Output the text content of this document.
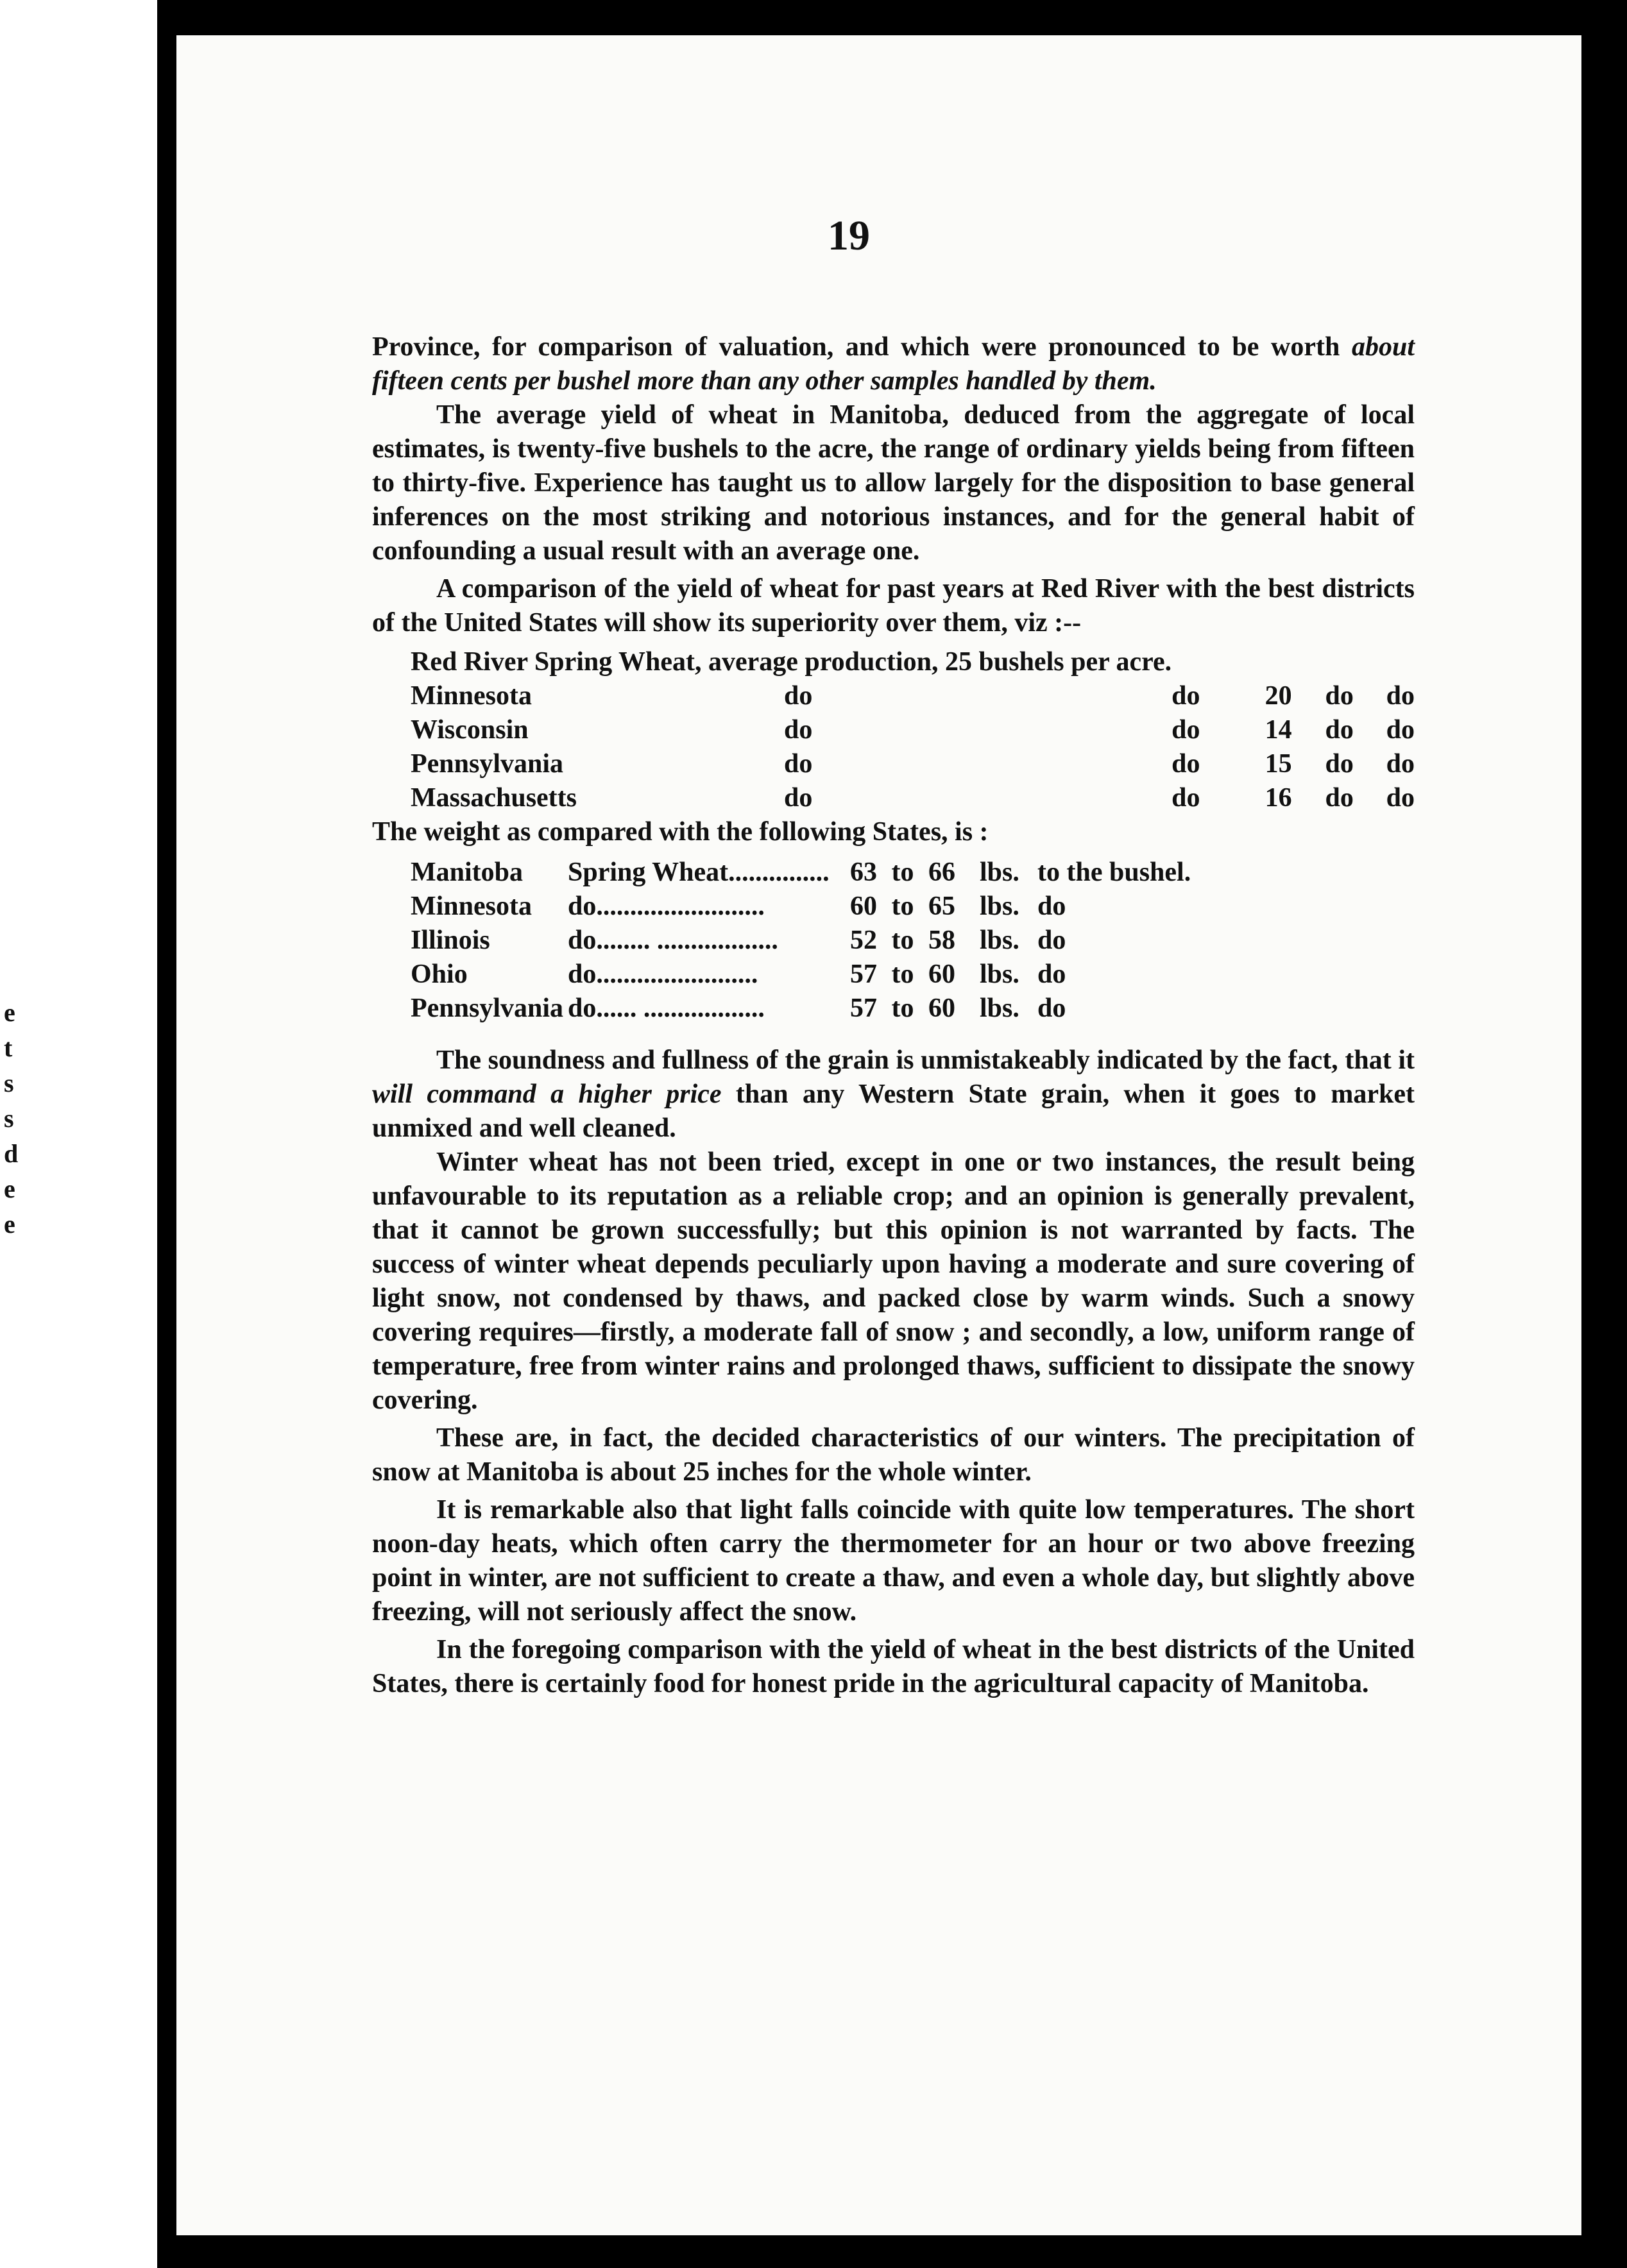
e
t
s
s
d
e
e
19

Province, for comparison of valuation, and which were pronounced to be worth about fifteen cents per bushel more than any other samples handled by them.

The average yield of wheat in Manitoba, deduced from the aggregate of local estimates, is twenty-five bushels to the acre, the range of ordinary yields being from fifteen to thirty-five. Experience has taught us to allow largely for the disposition to base general inferences on the most striking and notorious instances, and for the general habit of confounding a usual result with an average one.

A comparison of the yield of wheat for past years at Red River with the best districts of the United States will show its superiority over them, viz :--

Red River Spring Wheat, average production, 25 bushels per acre.					
Minnesota	do	do	20	do	do
Wisconsin	do	do	14	do	do
Pennsylvania	do	do	15	do	do
Massachusetts	do	do	16	do	do

The weight as compared with the following States, is :

Manitoba	Spring Wheat...............	63	to	66	lbs.	to the bushel.
Minnesota	do.........................	60	to	65	lbs.	do
Illinois	do........ ..................	52	to	58	lbs.	do
Ohio	do........................	57	to	60	lbs.	do
Pennsylvania	do...... ..................	57	to	60	lbs.	do

The soundness and fullness of the grain is unmistakeably indicated by the fact, that it will command a higher price than any Western State grain, when it goes to market unmixed and well cleaned.

Winter wheat has not been tried, except in one or two instances, the result being unfavourable to its reputation as a reliable crop; and an opinion is generally prevalent, that it cannot be grown successfully; but this opinion is not warranted by facts. The success of winter wheat depends peculiarly upon having a moderate and sure covering of light snow, not condensed by thaws, and packed close by warm winds. Such a snowy covering requires—firstly, a moderate fall of snow ; and secondly, a low, uniform range of temperature, free from winter rains and prolonged thaws, sufficient to dissipate the snowy covering.

These are, in fact, the decided characteristics of our winters. The precipitation of snow at Manitoba is about 25 inches for the whole winter.

It is remarkable also that light falls coincide with quite low temperatures. The short noon-day heats, which often carry the thermometer for an hour or two above freezing point in winter, are not sufficient to create a thaw, and even a whole day, but slightly above freezing, will not seriously affect the snow.

In the foregoing comparison with the yield of wheat in the best districts of the United States, there is certainly food for honest pride in the agricultural capacity of Manitoba.
